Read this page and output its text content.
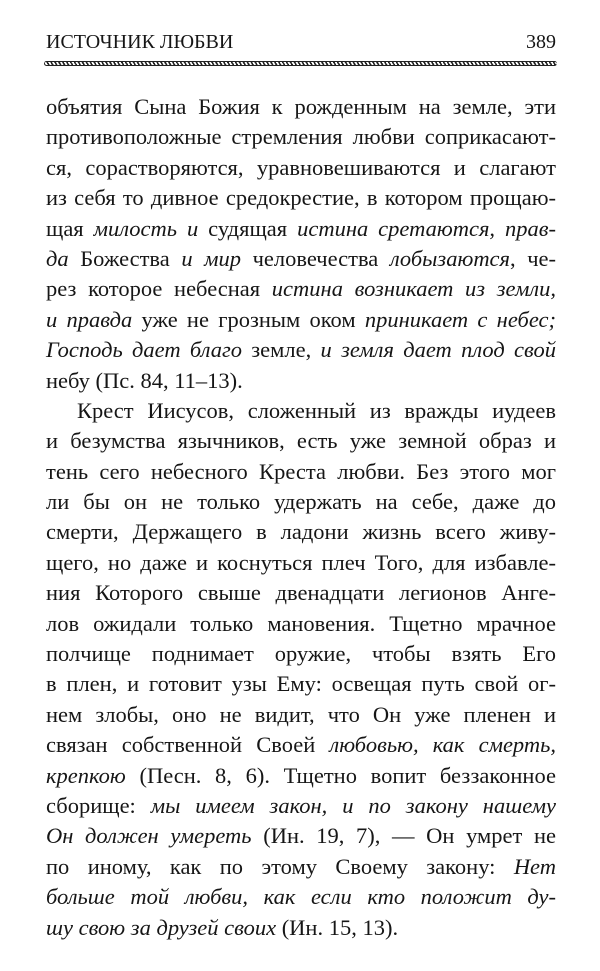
ИСТОЧНИК ЛЮБВИ	389
объятия Сына Божия к рожденным на земле, эти
противоположные стремления любви соприкасают-
ся, сорастворяются, уравновешиваются и слагают
из себя то дивное средокрестие, в котором прощаю-
щая милость и судящая истина сретаются, прав-
да Божества и мир человечества лобызаются, че-
рез которое небесная истина возникает из земли,
и правда уже не грозным оком приникает с небес;
Господь дает благо земле, и земля дает плод свой
небу (Пс. 84, 11–13).
Крест Иисусов, сложенный из вражды иудеев
и безумства язычников, есть уже земной образ и
тень сего небесного Креста любви. Без этого мог
ли бы он не только удержать на себе, даже до
смерти, Держащего в ладони жизнь всего живу-
щего, но даже и коснуться плеч Того, для избавле-
ния Которого свыше двенадцати легионов Анге-
лов ожидали только мановения. Тщетно мрачное
полчище поднимает оружие, чтобы взять Его
в плен, и готовит узы Ему: освещая путь свой ог-
нем злобы, оно не видит, что Он уже пленен и
связан собственной Своей любовью, как смерть,
крепкою (Песн. 8, 6). Тщетно вопит беззаконное
сборище: мы имеем закон, и по закону нашему
Он должен умереть (Ин. 19, 7), — Он умрет не
по иному, как по этому Своему закону: Нет
больше той любви, как если кто положит ду-
шу свою за друзей своих (Ин. 15, 13).
